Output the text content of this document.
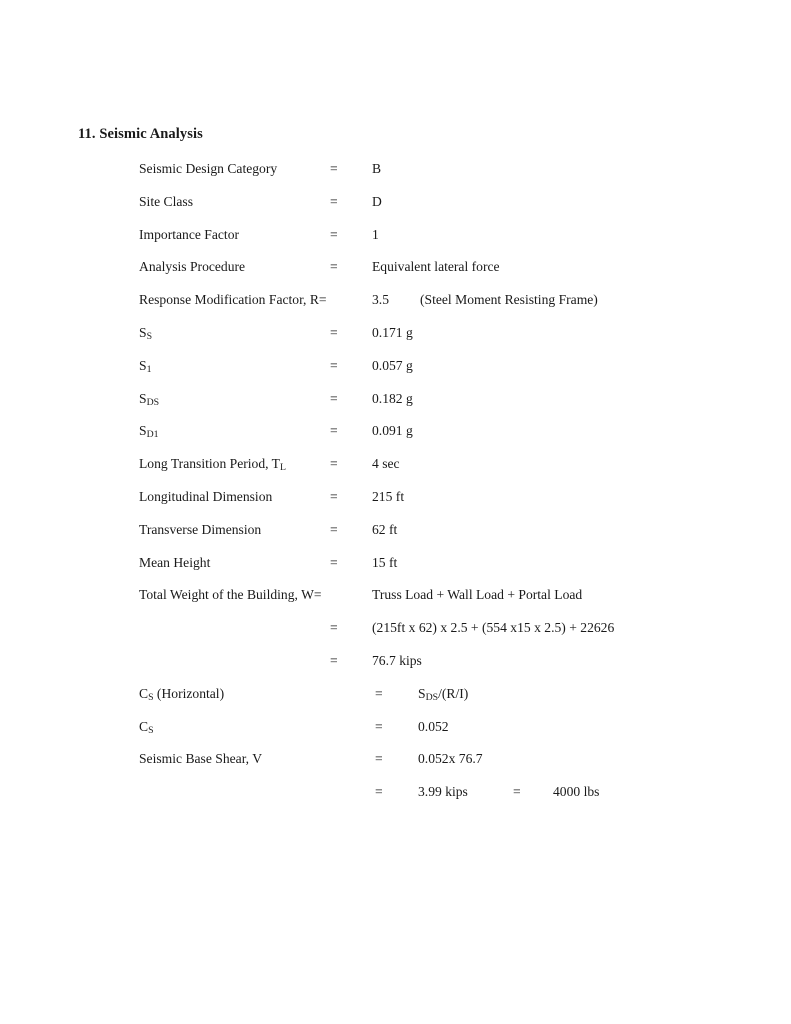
11. Seismic Analysis
Seismic Design Category	=	B
Site Class	=	D
Importance Factor	=	1
Analysis Procedure	=	Equivalent lateral force
Response Modification Factor, R=	3.5 (Steel Moment Resisting Frame)
$S_S$	=	0.171 g
$S_1$	=	0.057 g
$S_{DS}$	=	0.182 g
$S_{D1}$	=	0.091 g
Long Transition Period, $T_L$	=	4 sec
Longitudinal Dimension	=	215 ft
Transverse Dimension	=	62 ft
Mean Height	=	15 ft
Total Weight of the Building, W=	Truss Load + Wall Load + Portal Load
=	(215ft x 62) x 2.5 + (554 x15 x 2.5) + 22626
=	76.7 kips
$C_S$ (Horizontal)	=	$S_{DS}/(R/I)$
$C_S$	=	0.052
Seismic Base Shear, V	=	0.052x 76.7
=	3.99 kips	= 4000 lbs
